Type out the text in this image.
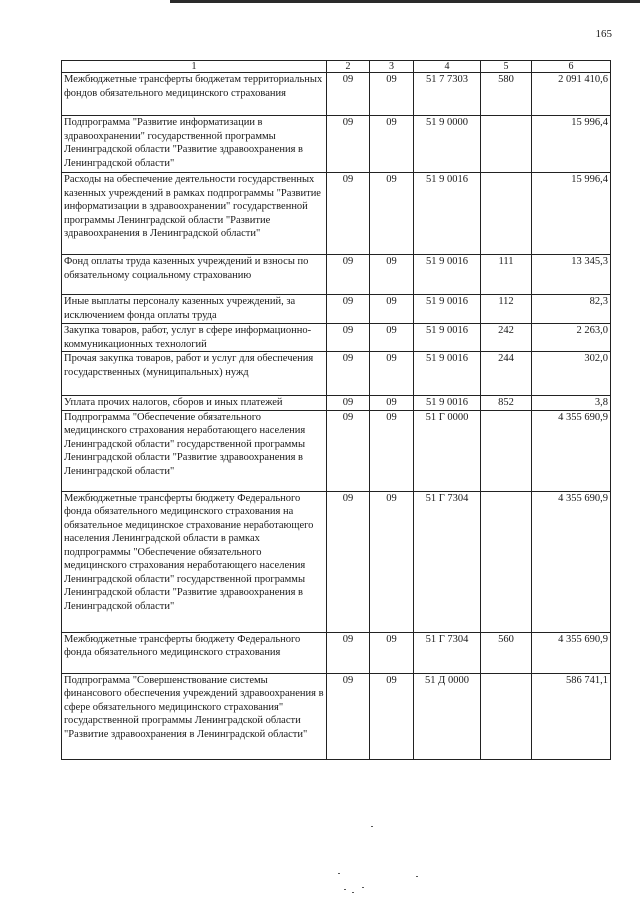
165
1	2	3	4	5	6
Межбюджетные трансферты бюджетам территориальных фондов обязательного медицинского страхования	09	09	51 7 7303	580	2 091 410,6
Подпрограмма "Развитие информатизации в здравоохранении" государственной программы Ленинградской области "Развитие здравоохранения в Ленинградской области"	09	09	51 9 0000		15 996,4
Расходы на обеспечение деятельности государственных казенных учреждений в рамках подпрограммы "Развитие информатизации в здравоохранении" государственной программы Ленинградской области "Развитие здравоохранения в Ленинградской области"	09	09	51 9 0016		15 996,4
Фонд оплаты труда казенных учреждений и взносы по обязательному социальному страхованию	09	09	51 9 0016	111	13 345,3
Иные выплаты персоналу казенных учреждений, за исключением фонда оплаты труда	09	09	51 9 0016	112	82,3
Закупка товаров, работ, услуг в сфере информационно-коммуникационных технологий	09	09	51 9 0016	242	2 263,0
Прочая закупка товаров, работ и услуг для обеспечения государственных (муниципальных) нужд	09	09	51 9 0016	244	302,0
Уплата прочих налогов, сборов и иных платежей	09	09	51 9 0016	852	3,8
Подпрограмма "Обеспечение обязательного медицинского страхования неработающего населения Ленинградской области" государственной программы Ленинградской области "Развитие здравоохранения в Ленинградской области"	09	09	51 Г 0000		4 355 690,9
Межбюджетные трансферты бюджету Федерального фонда обязательного медицинского страхования на обязательное медицинское страхование неработающего населения Ленинградской области в рамках подпрограммы "Обеспечение обязательного медицинского страхования неработающего населения Ленинградской области" государственной программы Ленинградской области "Развитие здравоохранения в Ленинградской области"	09	09	51 Г 7304		4 355 690,9
Межбюджетные трансферты бюджету Федерального фонда обязательного медицинского страхования	09	09	51 Г 7304	560	4 355 690,9
Подпрограмма "Совершенствование системы финансового обеспечения учреждений здравоохранения в сфере обязательного медицинского страхования" государственной программы Ленинградской области "Развитие здравоохранения в Ленинградской области"	09	09	51 Д 0000		586 741,1
